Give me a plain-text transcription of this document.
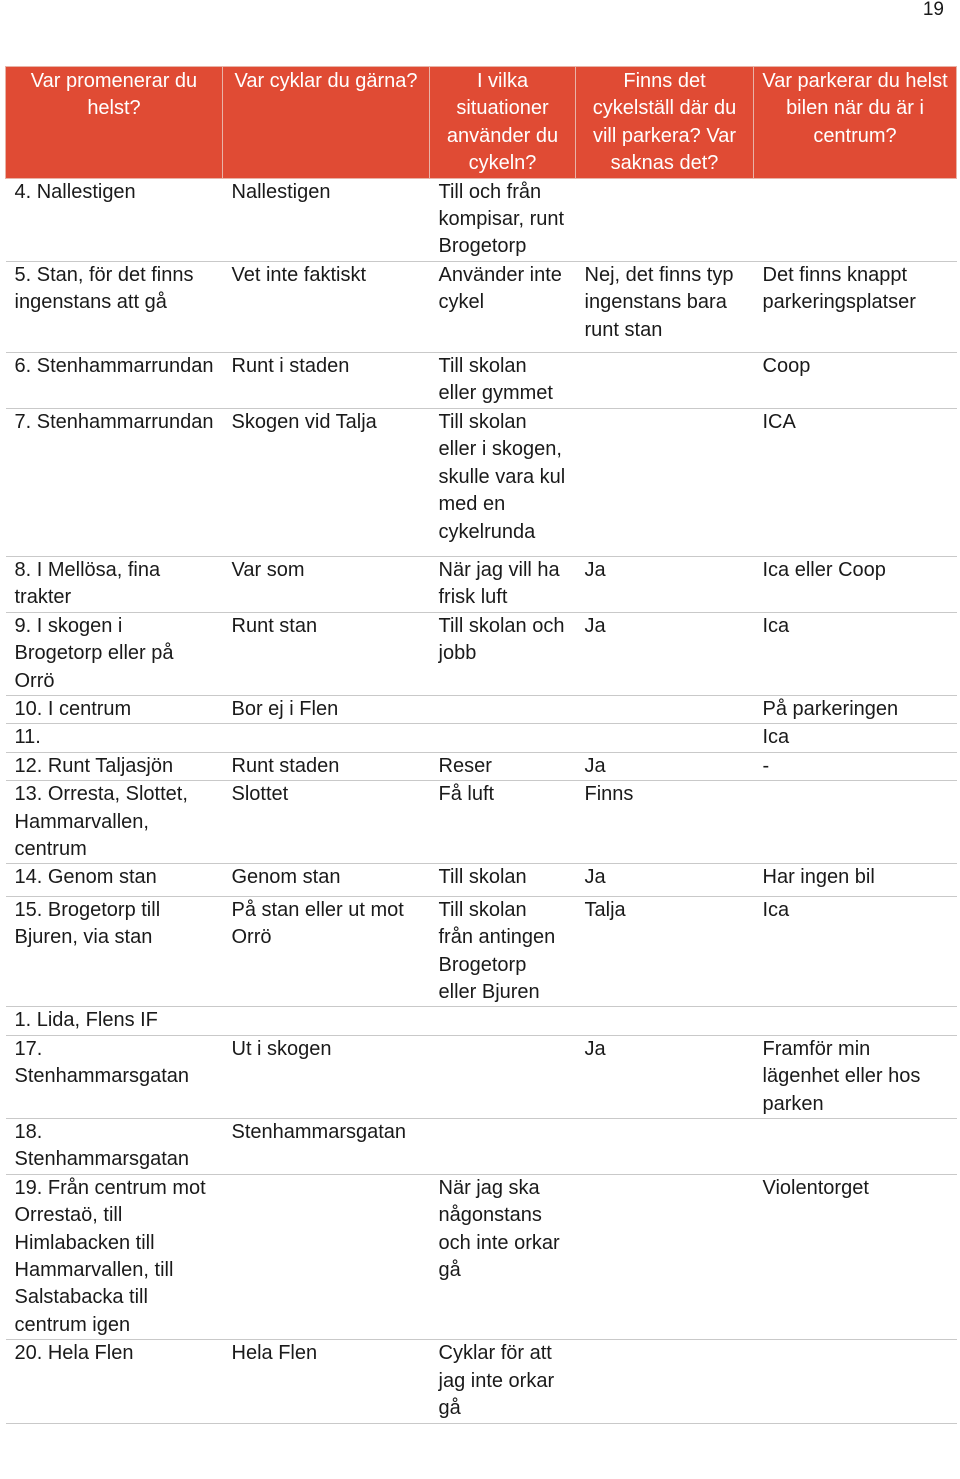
19
Var promenerar du helst?	Var cyklar du gärna?	I vilka situationer använder du cykeln?	Finns det cykelställ där du vill parkera? Var saknas det?	Var parkerar du helst bilen när du är i centrum?
4. Nallestigen	Nallestigen	Till och från kompisar, runt Brogetorp		
5. Stan, för det finns ingenstans att gå	Vet inte faktiskt	Använder inte cykel	Nej, det finns typ ingenstans bara runt stan	Det finns knappt parkeringsplatser
6. Stenhammarrundan	Runt i staden	Till skolan eller gymmet		Coop
7. Stenhammarrundan	Skogen vid Talja	Till skolan eller i skogen, skulle vara kul med en cykelrunda		ICA
8. I Mellösa, fina trakter	Var som	När jag vill ha frisk luft	Ja	Ica eller Coop
9. I skogen i Brogetorp eller på Orrö	Runt stan	Till skolan och jobb	Ja	Ica
10. I centrum	Bor ej i Flen			På parkeringen
11.				Ica
12. Runt Taljasjön	Runt staden	Reser	Ja	-
13. Orresta, Slottet, Hammarvallen, centrum	Slottet	Få luft	Finns	
14. Genom stan	Genom stan	Till skolan	Ja	Har ingen bil
15. Brogetorp till Bjuren, via stan	På stan eller ut mot Orrö	Till skolan från antingen Brogetorp eller Bjuren	Talja	Ica
1. Lida, Flens IF				
17. Stenhammarsgatan	Ut i skogen		Ja	Framför min lägenhet eller hos parken
18. Stenhammarsgatan	Stenhammarsgatan			
19. Från centrum mot Orrestaö, till Himlabacken till Hammarvallen, till Salstabacka till centrum igen		När jag ska någonstans och inte orkar gå		Violentorget
20. Hela Flen	Hela Flen	Cyklar för att jag inte orkar gå		
